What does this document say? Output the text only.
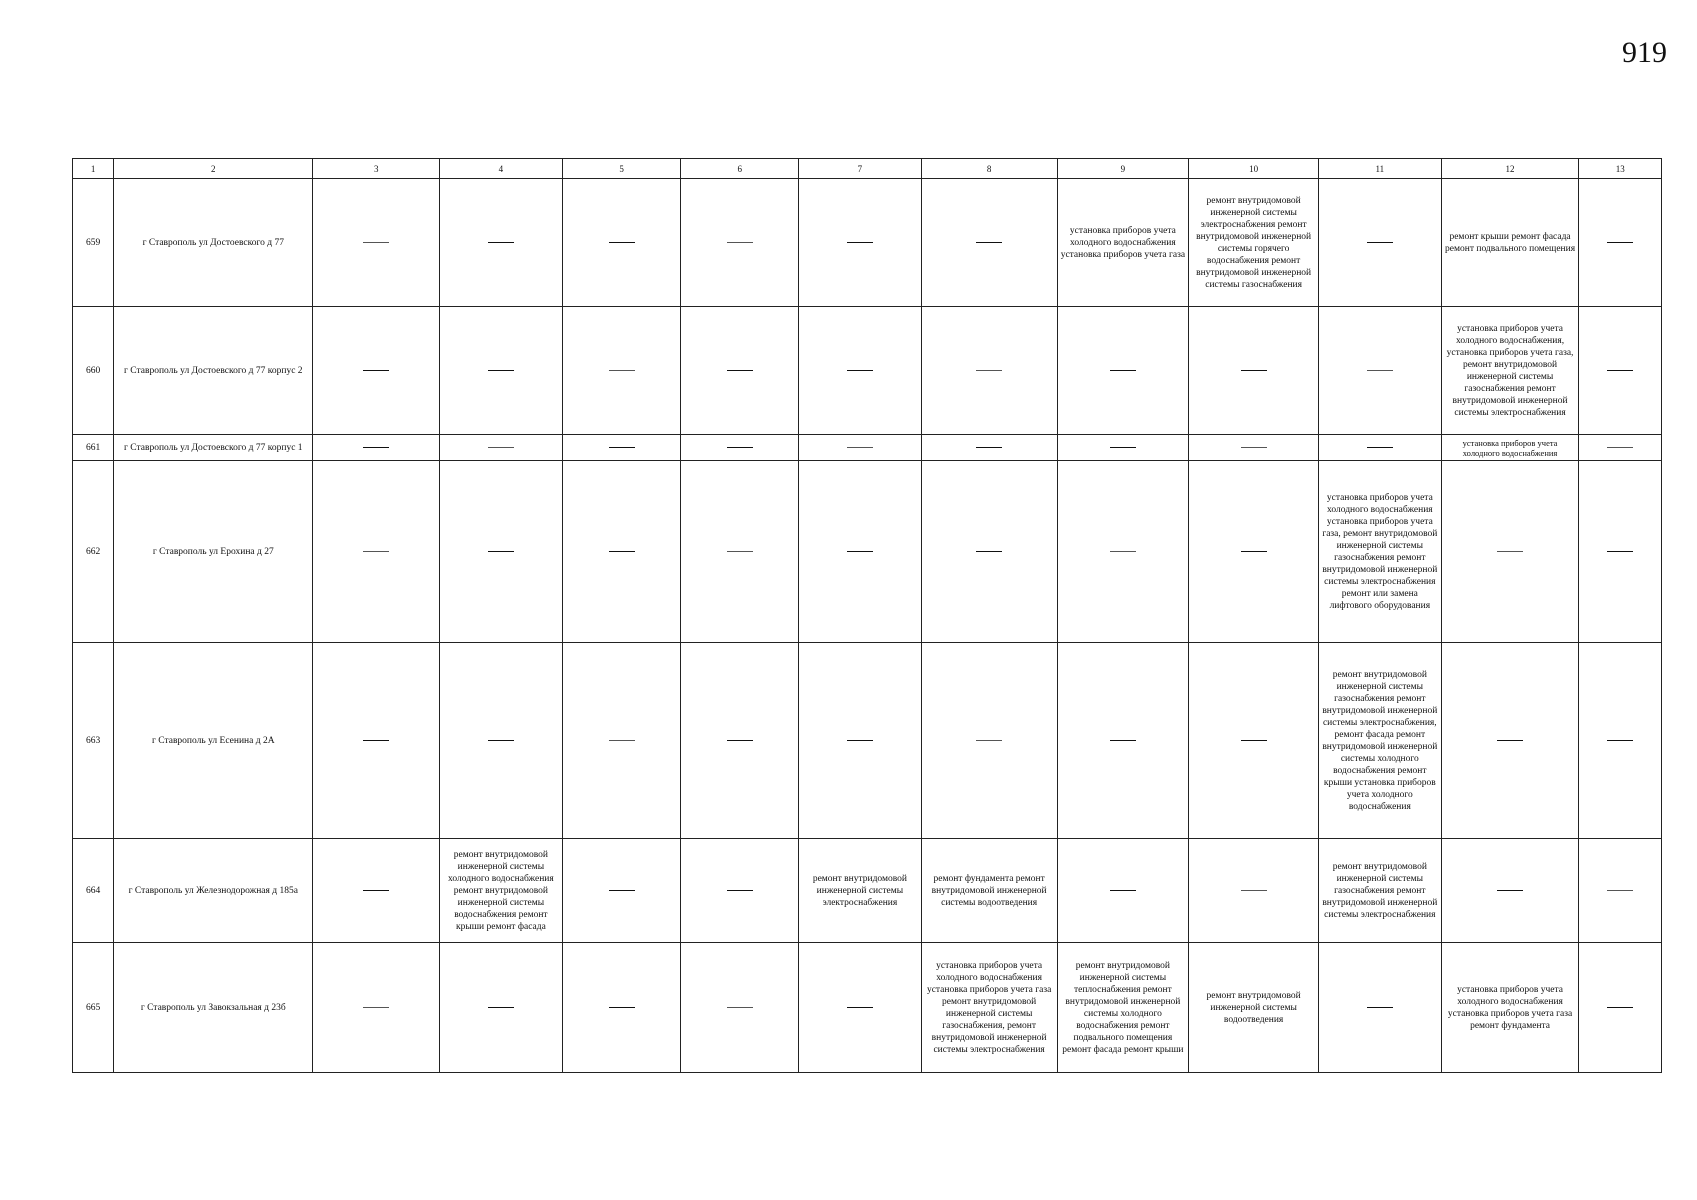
919
1	2	3	4	5	6	7	8	9	10	11	12	13
659	г Ставрополь ул Достоевского д 77							установка приборов учета холодного водоснабжения установка приборов учета газа	ремонт внутридомовой инженерной системы электроснабжения ремонт внутридомовой инженерной системы горячего водоснабжения ремонт внутридомовой инженерной системы газоснабжения		ремонт крыши ремонт фасада ремонт подвального помещения	
660	г Ставрополь ул Достоевского д 77 корпус 2										установка приборов учета холодного водоснабжения, установка приборов учета газа, ремонт внутридомовой инженерной системы газоснабжения ремонт внутридомовой инженерной системы электроснабжения	
661	г Ставрополь ул Достоевского д 77 корпус 1										установка приборов учета холодного водоснабжения	
662	г Ставрополь ул Ерохина д 27									установка приборов учета холодного водоснабжения установка приборов учета газа, ремонт внутридомовой инженерной системы газоснабжения ремонт внутридомовой инженерной системы электроснабжения ремонт или замена лифтового оборудования		
663	г Ставрополь ул Есенина д 2А									ремонт внутридомовой инженерной системы газоснабжения ремонт внутридомовой инженерной системы электроснабжения, ремонт фасада ремонт внутридомовой инженерной системы холодного водоснабжения ремонт крыши установка приборов учета холодного водоснабжения		
664	г Ставрополь ул Железнодорожная д 185а		ремонт внутридомовой инженерной системы холодного водоснабжения ремонт внутридомовой инженерной системы водоснабжения ремонт крыши ремонт фасада			ремонт внутридомовой инженерной системы электроснабжения	ремонт фундамента ремонт внутридомовой инженерной системы водоотведения			ремонт внутридомовой инженерной системы газоснабжения ремонт внутридомовой инженерной системы электроснабжения		
665	г Ставрополь ул Завокзальная д 23б						установка приборов учета холодного водоснабжения установка приборов учета газа ремонт внутридомовой инженерной системы газоснабжения, ремонт внутридомовой инженерной системы электроснабжения	ремонт внутридомовой инженерной системы теплоснабжения ремонт внутридомовой инженерной системы холодного водоснабжения ремонт подвального помещения ремонт фасада ремонт крыши	ремонт внутридомовой инженерной системы водоотведения		установка приборов учета холодного водоснабжения установка приборов учета газа ремонт фундамента	
